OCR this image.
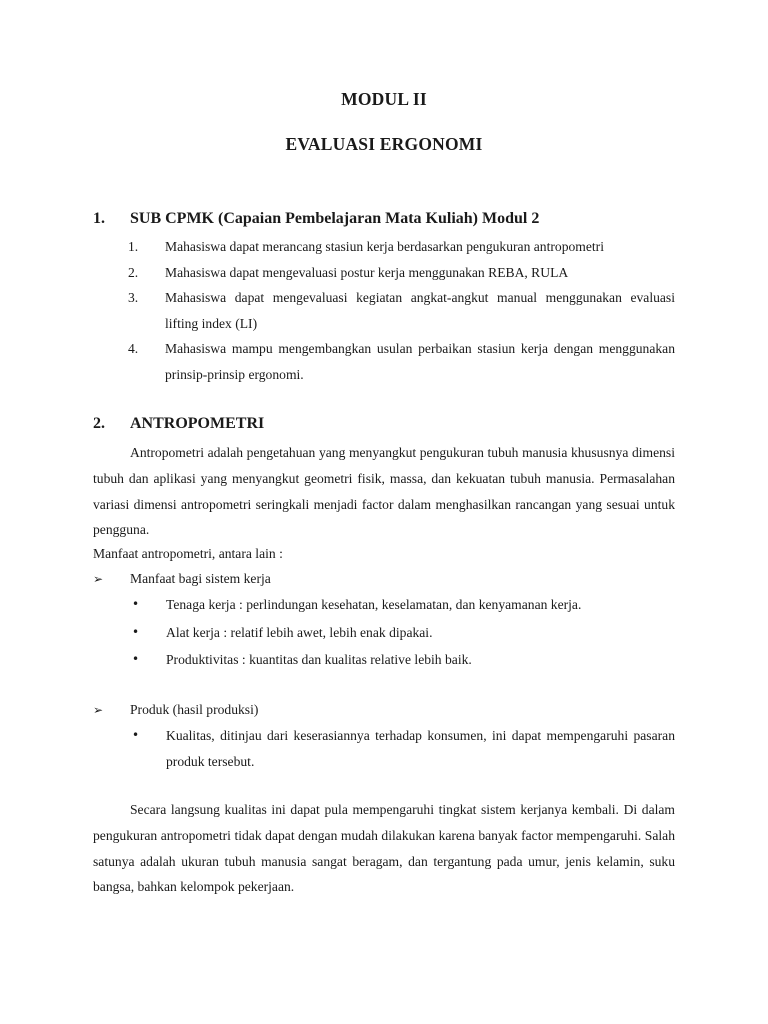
MODUL II
EVALUASI ERGONOMI
1. SUB CPMK (Capaian Pembelajaran Mata Kuliah) Modul 2
1. Mahasiswa dapat merancang stasiun kerja berdasarkan pengukuran antropometri
2. Mahasiswa dapat mengevaluasi postur kerja menggunakan REBA, RULA
3. Mahasiswa dapat mengevaluasi kegiatan angkat-angkut manual menggunakan evaluasi lifting index (LI)
4. Mahasiswa mampu mengembangkan usulan perbaikan stasiun kerja dengan menggunakan prinsip-prinsip ergonomi.
2. ANTROPOMETRI

Antropometri adalah pengetahuan yang menyangkut pengukuran tubuh manusia khususnya dimensi tubuh dan aplikasi yang menyangkut geometri fisik, massa, dan kekuatan tubuh manusia. Permasalahan variasi dimensi antropometri seringkali menjadi factor dalam menghasilkan rancangan yang sesuai untuk pengguna.

Manfaat antropometri, antara lain :

➢ Manfaat bagi sistem kerja

• Tenaga kerja : perlindungan kesehatan, keselamatan, dan kenyamanan kerja.
• Alat kerja : relatif lebih awet, lebih enak dipakai.
• Produktivitas : kuantitas dan kualitas relative lebih baik.

➢ Produk (hasil produksi)

• Kualitas, ditinjau dari keserasiannya terhadap konsumen, ini dapat mempengaruhi pasaran produk tersebut.

Secara langsung kualitas ini dapat pula mempengaruhi tingkat sistem kerjanya kembali. Di dalam pengukuran antropometri tidak dapat dengan mudah dilakukan karena banyak factor mempengaruhi. Salah satunya adalah ukuran tubuh manusia sangat beragam, dan tergantung pada umur, jenis kelamin, suku bangsa, bahkan kelompok pekerjaan.
